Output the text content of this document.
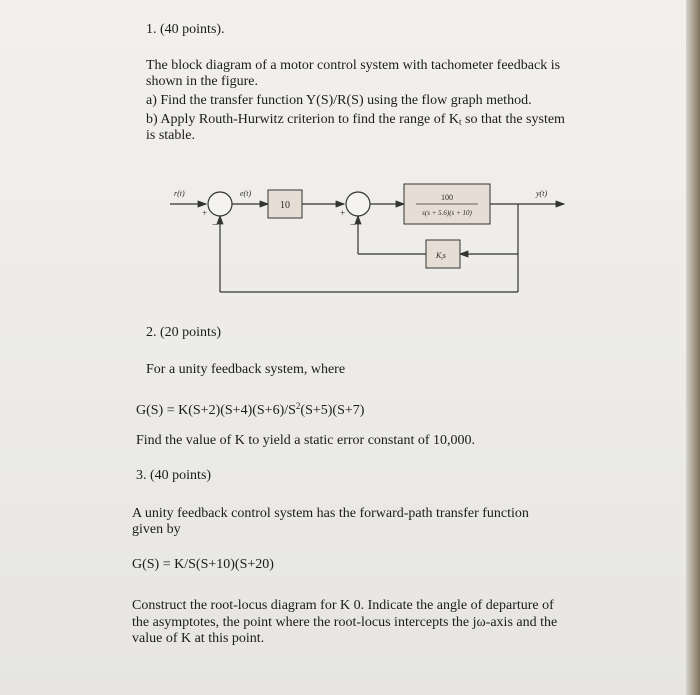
1. (40 points).
The block diagram of a motor control system with tachometer feedback is
shown in the figure.
a) Find the transfer function Y(S)/R(S) using the flow graph method.
b) Apply Routh-Hurwitz criterion to find the range of $K_t$ so that the system
is stable.
r(t)	e(t)	y(t)
+
−
+
−
10
100
s(s + 5.6)(s + 10)
$K_ts$
2. (20 points)
For a unity feedback system, where
$G(S) = K(S+2)(S+4)(S+6)/S^2(S+5)(S+7)$
Find the value of K to yield a static error constant of 10,000.
3. (40 points)
A unity feedback control system has the forward-path transfer function
given by
G(S) = K/S(S+10)(S+20)
Construct the root-locus diagram for K 0. Indicate the angle of departure of
the asymptotes, the point where the root-locus intercepts the jω-axis and the
value of K at this point.
